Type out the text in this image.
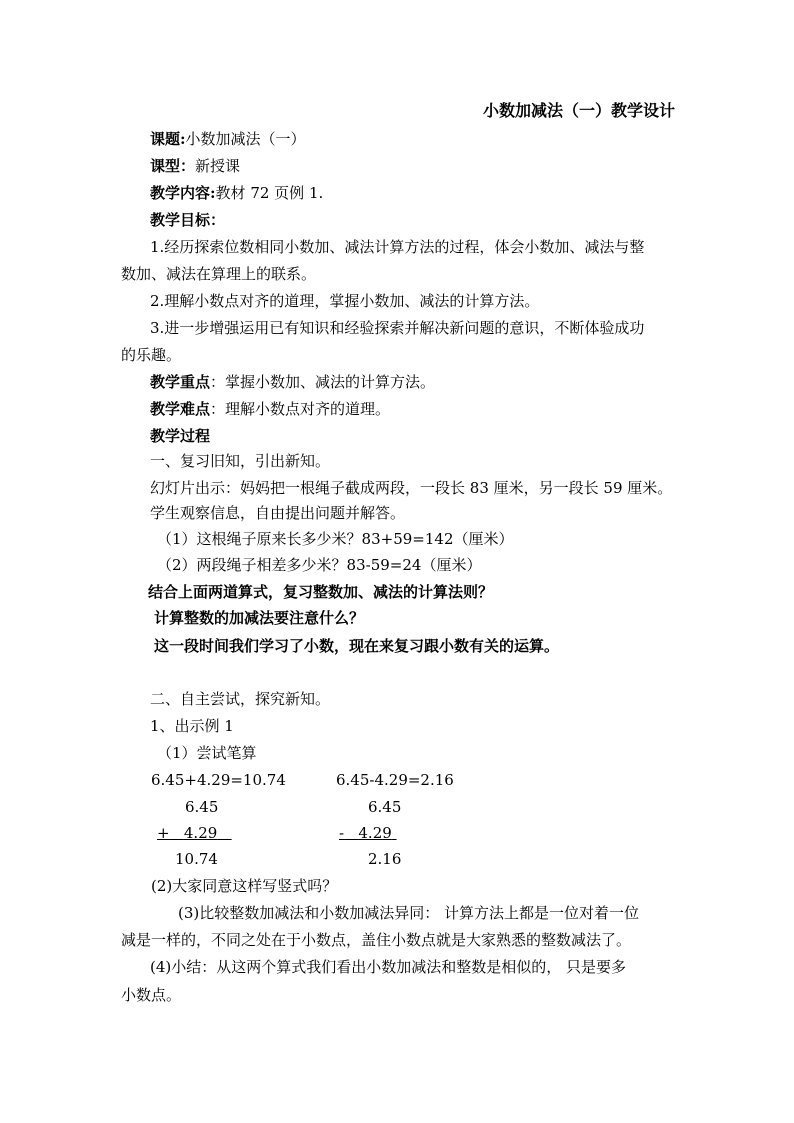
小数加减法（一）教学设计
课题:小数加减法（一）
课型：新授课
教学内容:教材 72 页例 1.
教学目标：
1.经历探索位数相同小数加、减法计算方法的过程，体会小数加、减法与整
数加、减法在算理上的联系。
2.理解小数点对齐的道理，掌握小数加、减法的计算方法。
3.进一步增强运用已有知识和经验探索并解决新问题的意识，不断体验成功
的乐趣。
教学重点：掌握小数加、减法的计算方法。
教学难点：理解小数点对齐的道理。
教学过程
一、复习旧知，引出新知。
幻灯片出示：妈妈把一根绳子截成两段，一段长 83 厘米，另一段长 59 厘米。
学生观察信息，自由提出问题并解答。
（1）这根绳子原来长多少米？83+59=142（厘米）
（2）两段绳子相差多少米？83-59=24（厘米）
结合上面两道算式，复习整数加、减法的计算法则？
计算整数的加减法要注意什么？
这一段时间我们学习了小数，现在来复习跟小数有关的运算。
二、自主尝试，探究新知。
1、出示例 1
（1）尝试笔算
6.45+4.29=10.74	6.45-4.29=2.16
6.45	6.45
+ 4.29	- 4.29
10.74	2.16
(2)大家同意这样写竖式吗？
(3)比较整数加减法和小数加减法异同： 计算方法上都是一位对着一位
减是一样的，不同之处在于小数点，盖住小数点就是大家熟悉的整数减法了。
(4)小结：从这两个算式我们看出小数加减法和整数是相似的， 只是要多
小数点。
